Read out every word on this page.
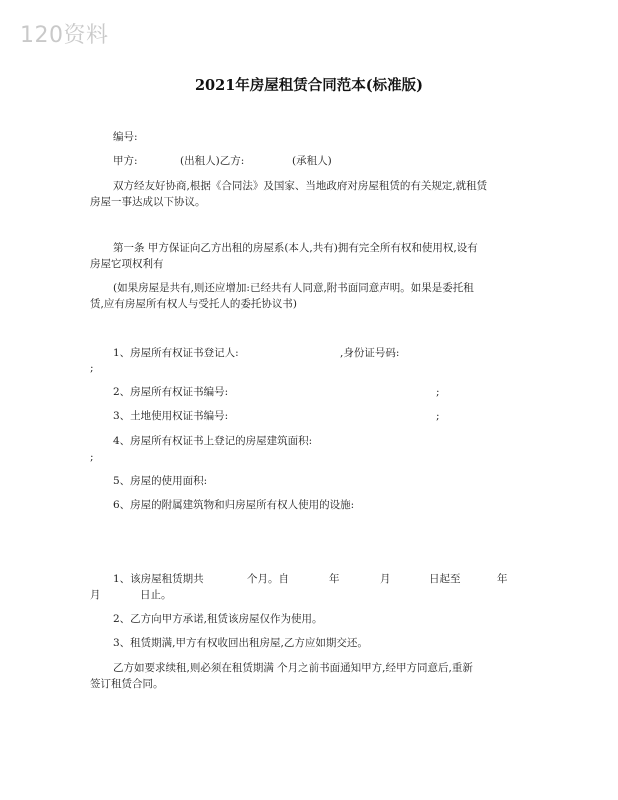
120资料
2021年房屋租赁合同范本(标准版)
编号:
甲方:	(出租人)乙方:	(承租人)
双方经友好协商,根据《合同法》及国家、当地政府对房屋租赁的有关规定,就租赁
房屋一事达成以下协议。
第一条 甲方保证向乙方出租的房屋系(本人,共有)拥有完全所有权和使用权,设有
房屋它项权利有
(如果房屋是共有,则还应增加:已经共有人同意,附书面同意声明。如果是委托租
赁,应有房屋所有权人与受托人的委托协议书)
1、房屋所有权证书登记人:	,身份证号码:
;
2、房屋所有权证书编号:	;
3、土地使用权证书编号:	;
4、房屋所有权证书上登记的房屋建筑面积:
;
5、房屋的使用面积:
6、房屋的附属建筑物和归房屋所有权人使用的设施:
1、该房屋租赁期共	个月。自	年	月	日起至	年
月	日止。
2、乙方向甲方承诺,租赁该房屋仅作为使用。
3、租赁期满,甲方有权收回出租房屋,乙方应如期交还。
乙方如要求续租,则必须在租赁期满 个月之前书面通知甲方,经甲方同意后,重新
签订租赁合同。
